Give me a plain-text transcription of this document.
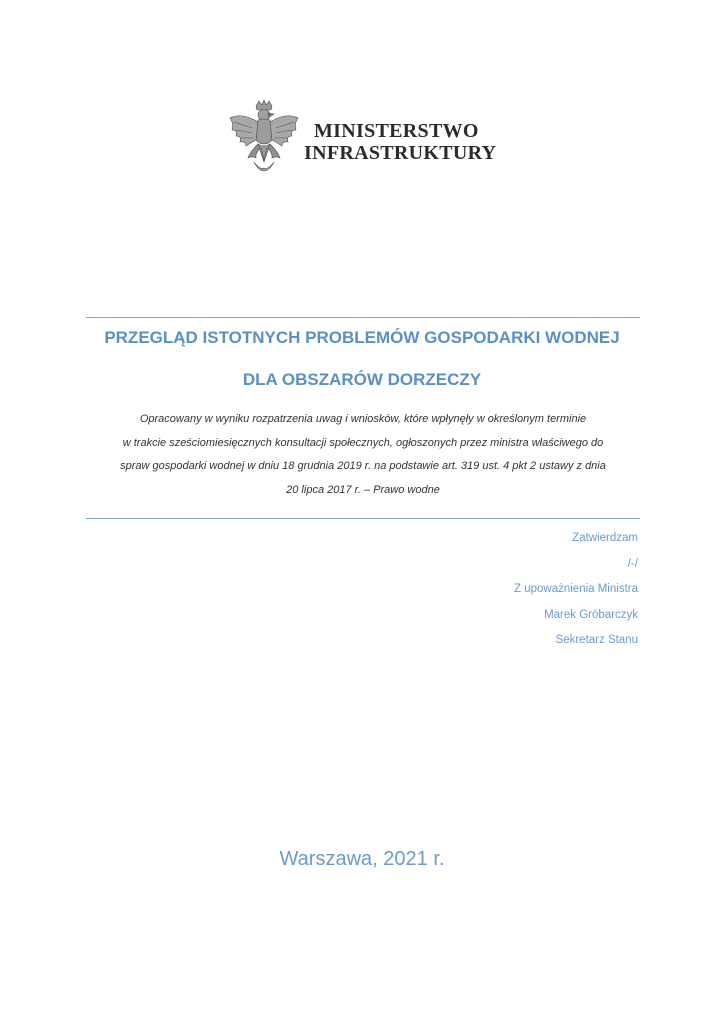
MINISTERSTWO
INFRASTRUKTURY
PRZEGLĄD ISTOTNYCH PROBLEMÓW GOSPODARKI WODNEJ
DLA OBSZARÓW DORZECZY
Opracowany w wyniku rozpatrzenia uwag i wniosków, które wpłynęły w określonym terminie
w trakcie sześciomiesięcznych konsultacji społecznych, ogłoszonych przez ministra właściwego do
spraw gospodarki wodnej w dniu 18 grudnia 2019 r. na podstawie art. 319 ust. 4 pkt 2 ustawy z dnia
20 lipca 2017 r. – Prawo wodne
Zatwierdzam
/-/
Z upoważnienia Ministra
Marek Gróbarczyk
Sekretarz Stanu
Warszawa, 2021 r.
